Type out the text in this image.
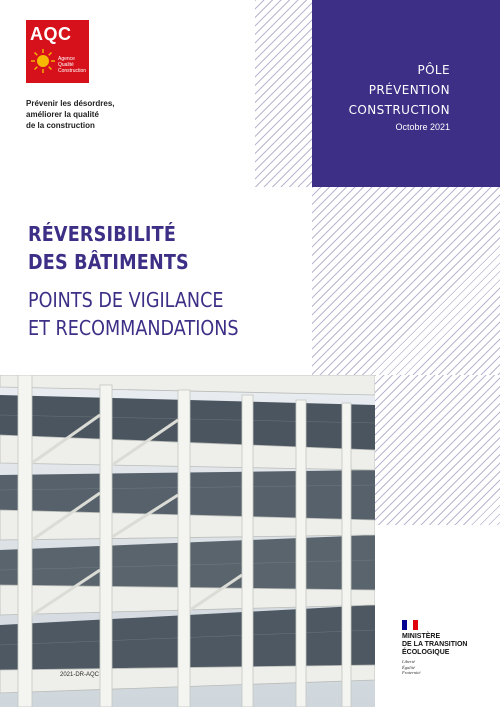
PÔLE
PRÉVENTION
CONSTRUCTION
Octobre 2021
AQC
Agence
Qualité
Construction
Prévenir les désordres,
améliorer la qualité
de la construction
RÉVERSIBILITÉ
DES BÂTIMENTS
POINTS DE VIGILANCE
ET RECOMMANDATIONS
2021-DR-AQC
MINISTÈRE
DE LA TRANSITION
ÉCOLOGIQUE
Liberté
Égalité
Fraternité
